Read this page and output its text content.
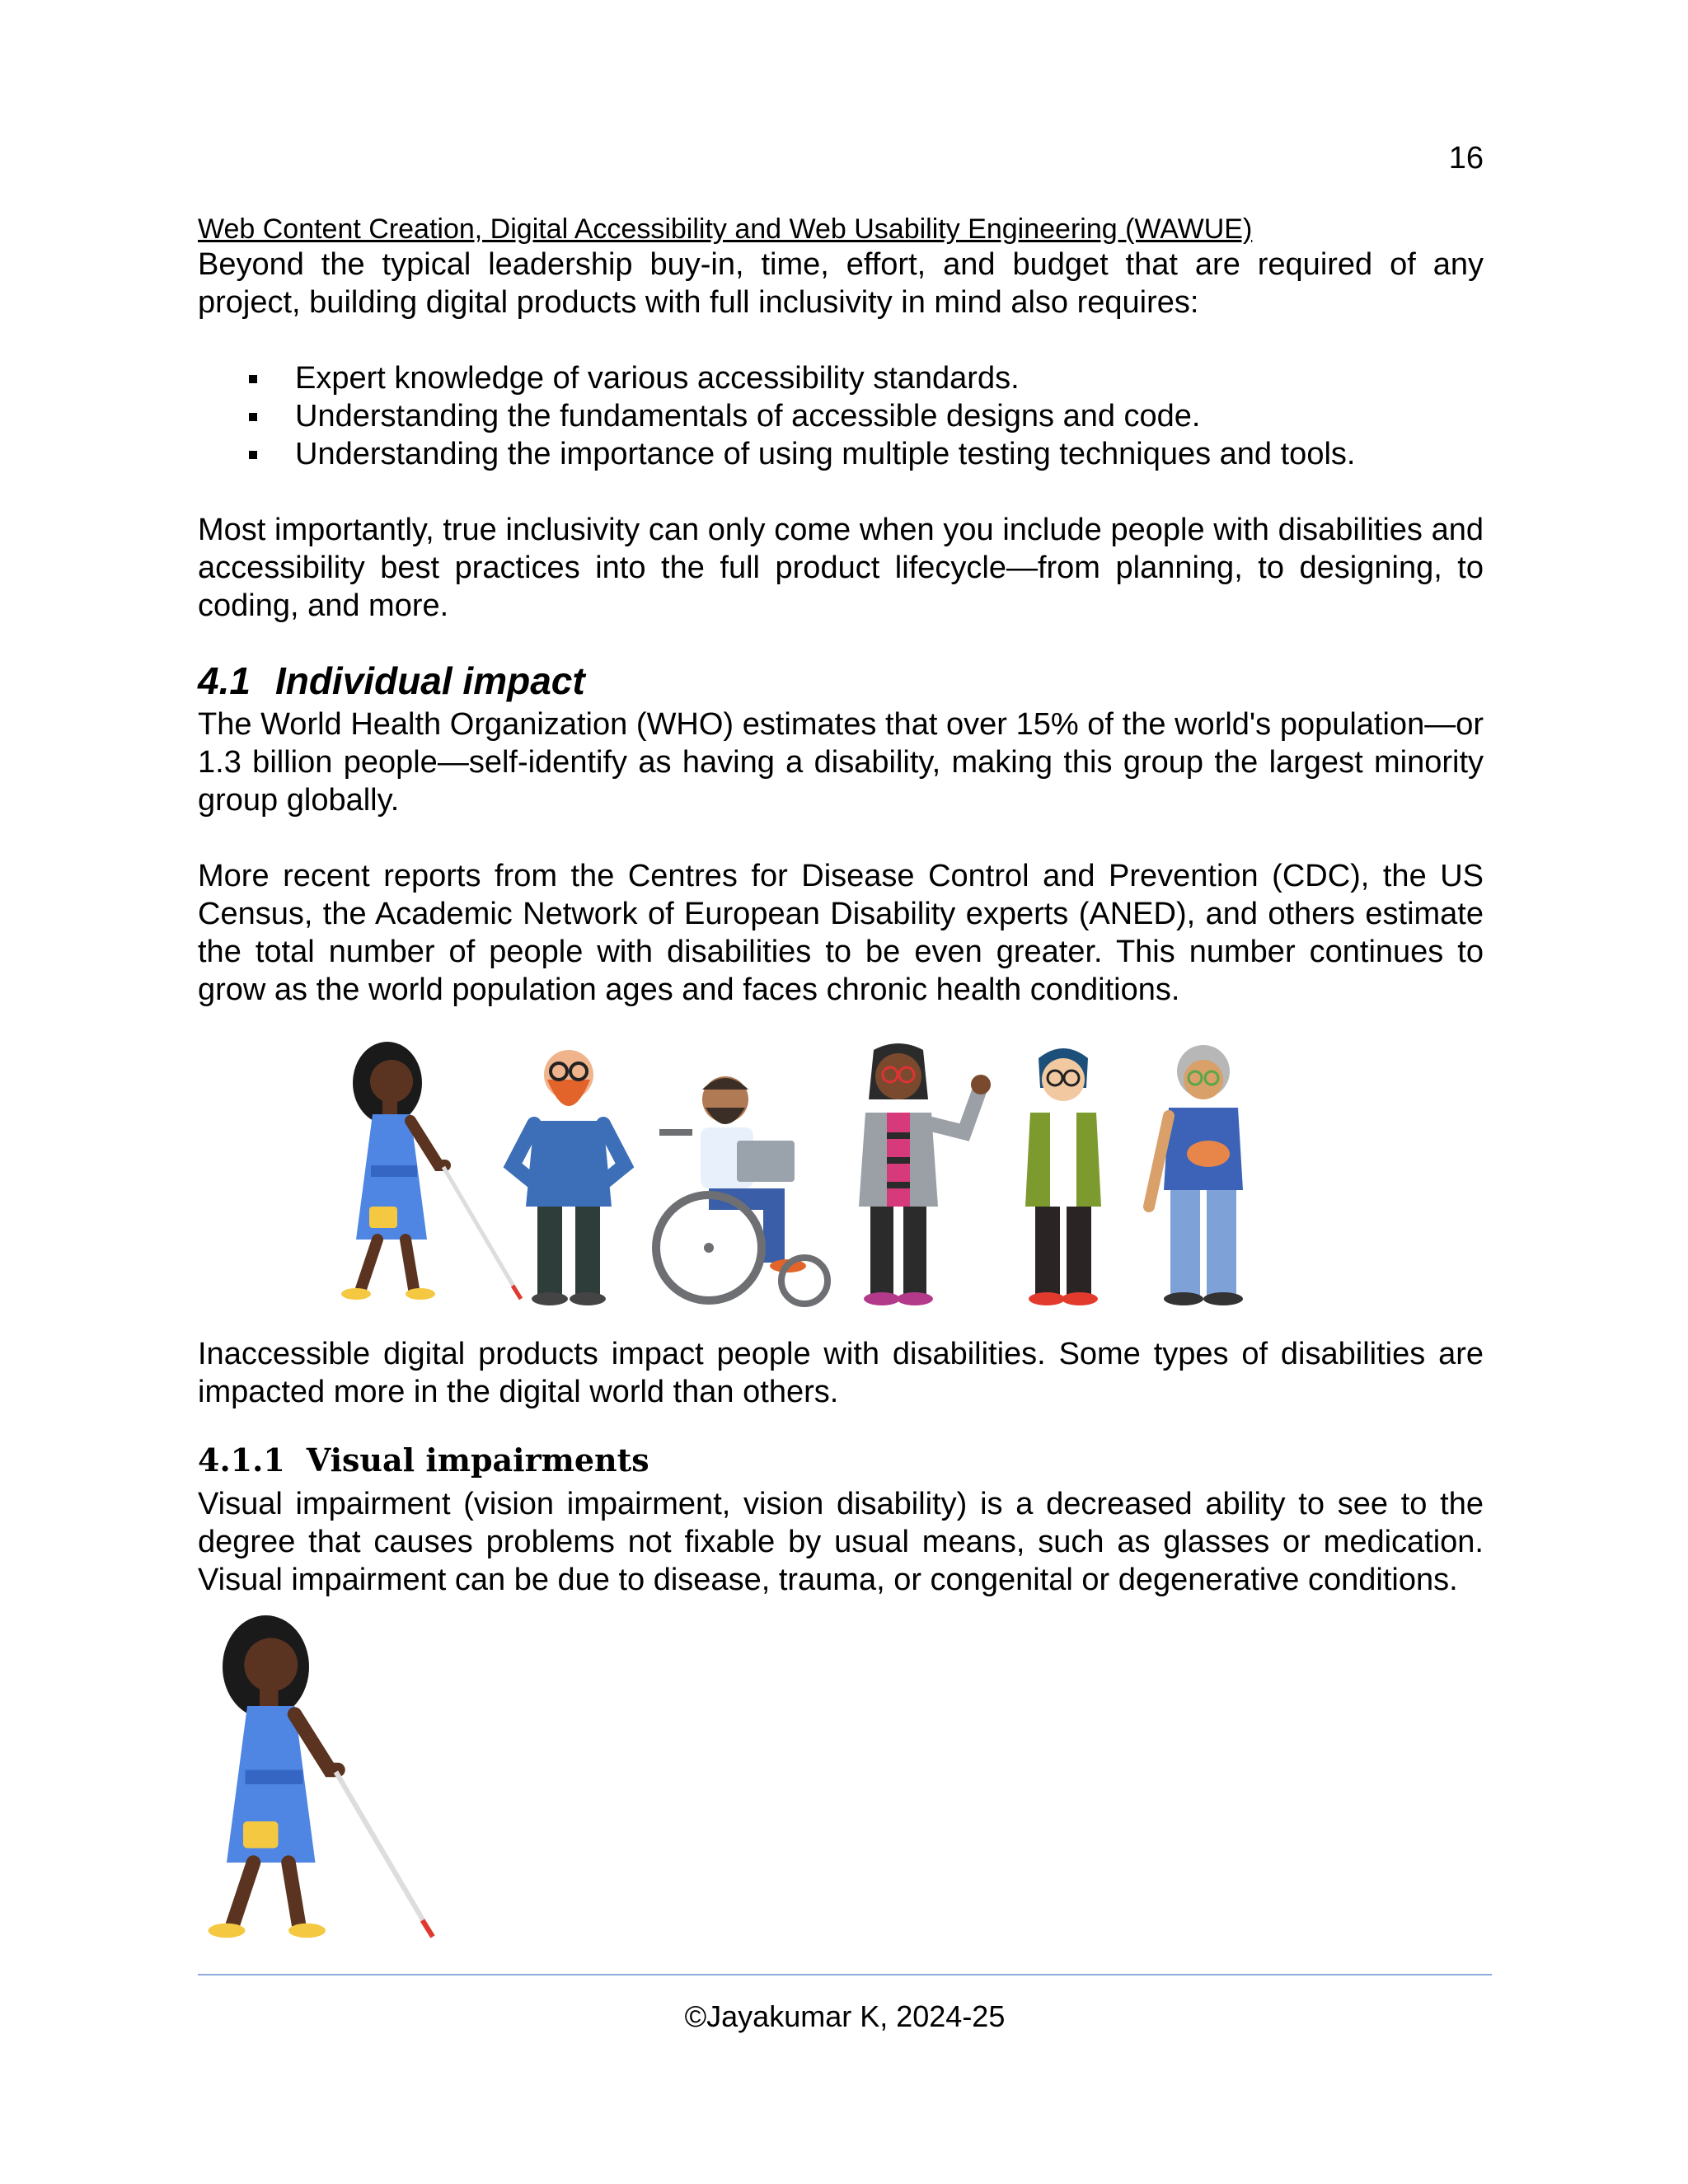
16
Web Content Creation, Digital Accessibility and Web Usability Engineering (WAWUE)

Beyond the typical leadership buy-in, time, effort, and budget that are required of any project, building digital products with full inclusivity in mind also requires:

Expert knowledge of various accessibility standards.
Understanding the fundamentals of accessible designs and code.
Understanding the importance of using multiple testing techniques and tools.

Most importantly, true inclusivity can only come when you include people with disabilities and accessibility best practices into the full product lifecycle—from planning, to designing, to coding, and more.

4.1 Individual impact

The World Health Organization (WHO) estimates that over 15% of the world's population—or 1.3 billion people—self-identify as having a disability, making this group the largest minority group globally.

More recent reports from the Centres for Disease Control and Prevention (CDC), the US Census, the Academic Network of European Disability experts (ANED), and others estimate the total number of people with disabilities to be even greater. This number continues to grow as the world population ages and faces chronic health conditions.

Inaccessible digital products impact people with disabilities. Some types of disabilities are impacted more in the digital world than others.

4.1.1 Visual impairments

Visual impairment (vision impairment, vision disability) is a decreased ability to see to the degree that causes problems not fixable by usual means, such as glasses or medication. Visual impairment can be due to disease, trauma, or congenital or degenerative conditions.

©Jayakumar K, 2024-25
